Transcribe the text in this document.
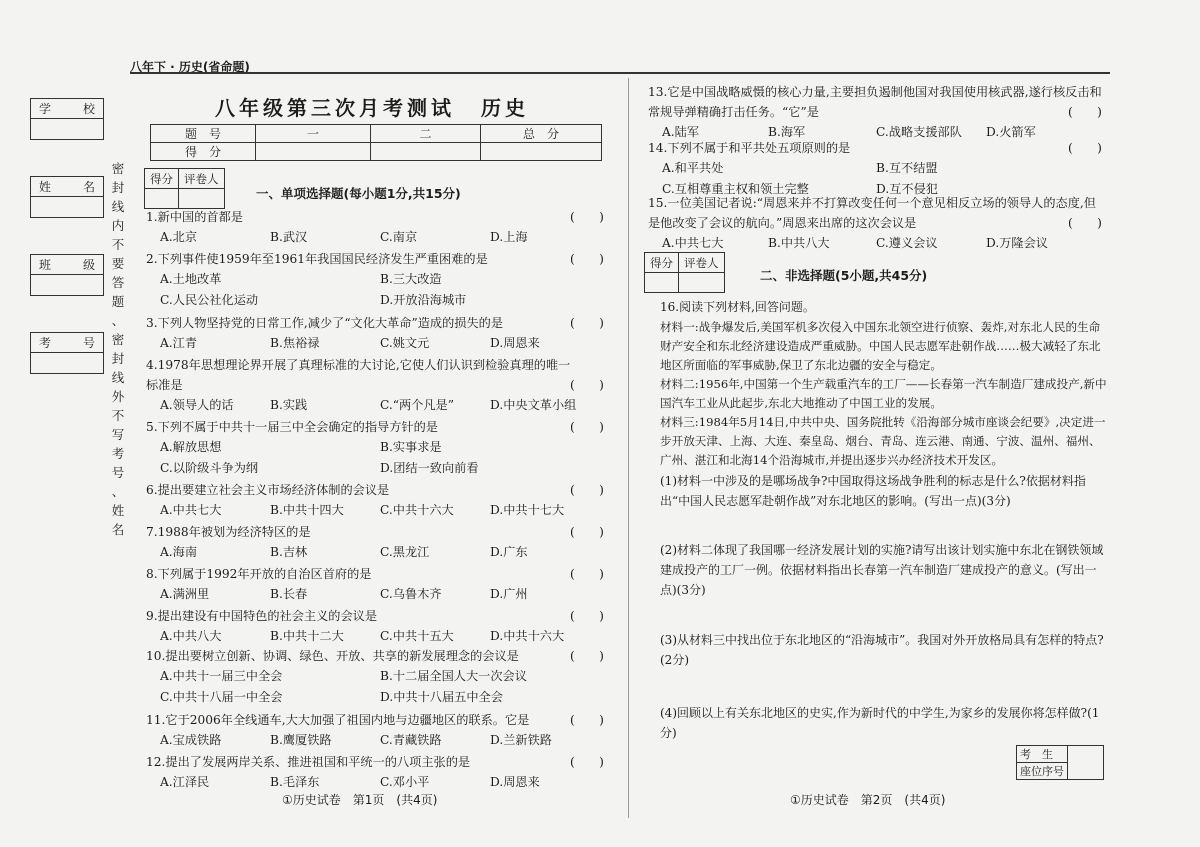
八年下 · 历史(省命题)
学	校
姓	名
班	级
考	号
密
封
线
内
不
要
答
题
、
密
封
线
外
不
写
考
号
、
姓
名
八年级第三次月考测试 历史
题　号	一	二	总　分
得　分			
得分	评卷人

一、单项选择题(每小题1分,共15分)
1.新中国的首都是	(　　)
A.北京	B.武汉	C.南京	D.上海
2.下列事件使1959年至1961年我国国民经济发生严重困难的是	(　　)
A.土地改革	B.三大改造
C.人民公社化运动	D.开放沿海城市
3.下列人物坚持党的日常工作,减少了“文化大革命”造成的损失的是	(　　)
A.江青	B.焦裕禄	C.姚文元	D.周恩来
4.1978年思想理论界开展了真理标准的大讨论,它使人们认识到检验真理的唯一
标准是	(　　)
A.领导人的话	B.实践	C.“两个凡是”	D.中央文革小组
5.下列不属于中共十一届三中全会确定的指导方针的是	(　　)
A.解放思想	B.实事求是
C.以阶级斗争为纲	D.团结一致向前看
6.提出要建立社会主义市场经济体制的会议是	(　　)
A.中共七大	B.中共十四大	C.中共十六大	D.中共十七大
7.1988年被划为经济特区的是	(　　)
A.海南	B.吉林	C.黑龙江	D.广东
8.下列属于1992年开放的自治区首府的是	(　　)
A.满洲里	B.长春	C.乌鲁木齐	D.广州
9.提出建设有中国特色的社会主义的会议是	(　　)
A.中共八大	B.中共十二大	C.中共十五大	D.中共十六大
10.提出要树立创新、协调、绿色、开放、共享的新发展理念的会议是	(　　)
A.中共十一届三中全会	B.十二届全国人大一次会议
C.中共十八届一中全会	D.中共十八届五中全会
11.它于2006年全线通车,大大加强了祖国内地与边疆地区的联系。它是	(　　)
A.宝成铁路	B.鹰厦铁路	C.青藏铁路	D.兰新铁路
12.提出了发展两岸关系、推进祖国和平统一的八项主张的是	(　　)
A.江泽民	B.毛泽东	C.邓小平	D.周恩来
①历史试卷　第1页　(共4页)
13.它是中国战略威慑的核心力量,主要担负遏制他国对我国使用核武器,遂行核反击和
常规导弹精确打击任务。“它”是	(　　)
A.陆军	B.海军	C.战略支援部队 D.火箭军
14.下列不属于和平共处五项原则的是	(　　)
A.和平共处	B.互不结盟
C.互相尊重主权和领土完整	D.互不侵犯
15.一位美国记者说:“周恩来并不打算改变任何一个意见相反立场的领导人的态度,但
是他改变了会议的航向。”周恩来出席的这次会议是	(　　)
A.中共七大	B.中共八大	C.遵义会议	D.万隆会议
得分	评卷人

二、非选择题(5小题,共45分)
16.阅读下列材料,回答问题。
材料一:战争爆发后,美国军机多次侵入中国东北领空进行侦察、轰炸,对东北人民的生命财产安全和东北经济建设造成严重威胁。中国人民志愿军赴朝作战……极大减轻了东北地区所面临的军事威胁,保卫了东北边疆的安全与稳定。
材料二:1956年,中国第一个生产载重汽车的工厂——长春第一汽车制造厂建成投产,新中国汽车工业从此起步,东北大地推动了中国工业的发展。
材料三:1984年5月14日,中共中央、国务院批转《沿海部分城市座谈会纪要》,决定进一步开放天津、上海、大连、秦皇岛、烟台、青岛、连云港、南通、宁波、温州、福州、广州、湛江和北海14个沿海城市,并提出逐步兴办经济技术开发区。
(1)材料一中涉及的是哪场战争?中国取得这场战争胜利的标志是什么?依据材料指出“中国人民志愿军赴朝作战”对东北地区的影响。(写出一点)(3分)
(2)材料二体现了我国哪一经济发展计划的实施?请写出该计划实施中东北在钢铁领域建成投产的工厂一例。依据材料指出长春第一汽车制造厂建成投产的意义。(写出一点)(3分)
(3)从材料三中找出位于东北地区的“沿海城市”。我国对外开放格局具有怎样的特点?(2分)
(4)回顾以上有关东北地区的史实,作为新时代的中学生,为家乡的发展你将怎样做?(1分)
考　生	
座位序号
①历史试卷　第2页　(共4页)
